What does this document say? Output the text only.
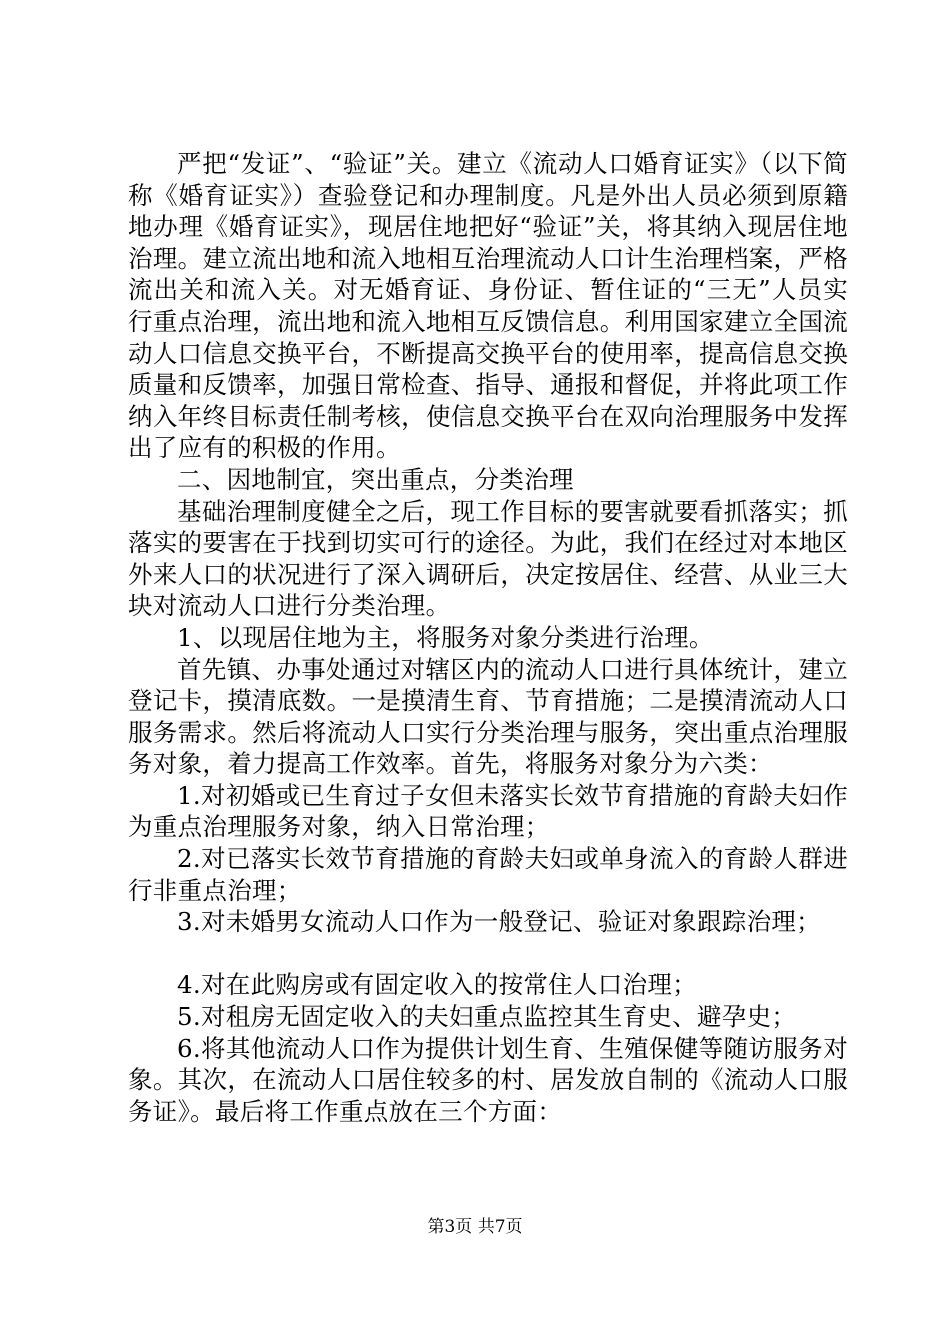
严把“发证”、“验证”关。建立《流动人口婚育证实》（以下简称《婚育证实》）查验登记和办理制度。凡是外出人员必须到原籍地办理《婚育证实》，现居住地把好“验证”关，将其纳入现居住地治理。建立流出地和流入地相互治理流动人口计生治理档案，严格流出关和流入关。对无婚育证、身份证、暂住证的“三无”人员实行重点治理，流出地和流入地相互反馈信息。利用国家建立全国流动人口信息交换平台，不断提高交换平台的使用率，提高信息交换质量和反馈率，加强日常检查、指导、通报和督促，并将此项工作纳入年终目标责任制考核，使信息交换平台在双向治理服务中发挥出了应有的积极的作用。

二、因地制宜，突出重点，分类治理

基础治理制度健全之后，现工作目标的要害就要看抓落实；抓落实的要害在于找到切实可行的途径。为此，我们在经过对本地区外来人口的状况进行了深入调研后，决定按居住、经营、从业三大块对流动人口进行分类治理。

1、以现居住地为主，将服务对象分类进行治理。

首先镇、办事处通过对辖区内的流动人口进行具体统计，建立登记卡，摸清底数。一是摸清生育、节育措施；二是摸清流动人口服务需求。然后将流动人口实行分类治理与服务，突出重点治理服务对象，着力提高工作效率。首先，将服务对象分为六类：

1.对初婚或已生育过子女但未落实长效节育措施的育龄夫妇作为重点治理服务对象，纳入日常治理；

2.对已落实长效节育措施的育龄夫妇或单身流入的育龄人群进行非重点治理；

3.对未婚男女流动人口作为一般登记、验证对象跟踪治理；

4.对在此购房或有固定收入的按常住人口治理；

5.对租房无固定收入的夫妇重点监控其生育史、避孕史；

6.将其他流动人口作为提供计划生育、生殖保健等随访服务对象。其次，在流动人口居住较多的村、居发放自制的《流动人口服务证》。最后将工作重点放在三个方面：

第3页 共7页
